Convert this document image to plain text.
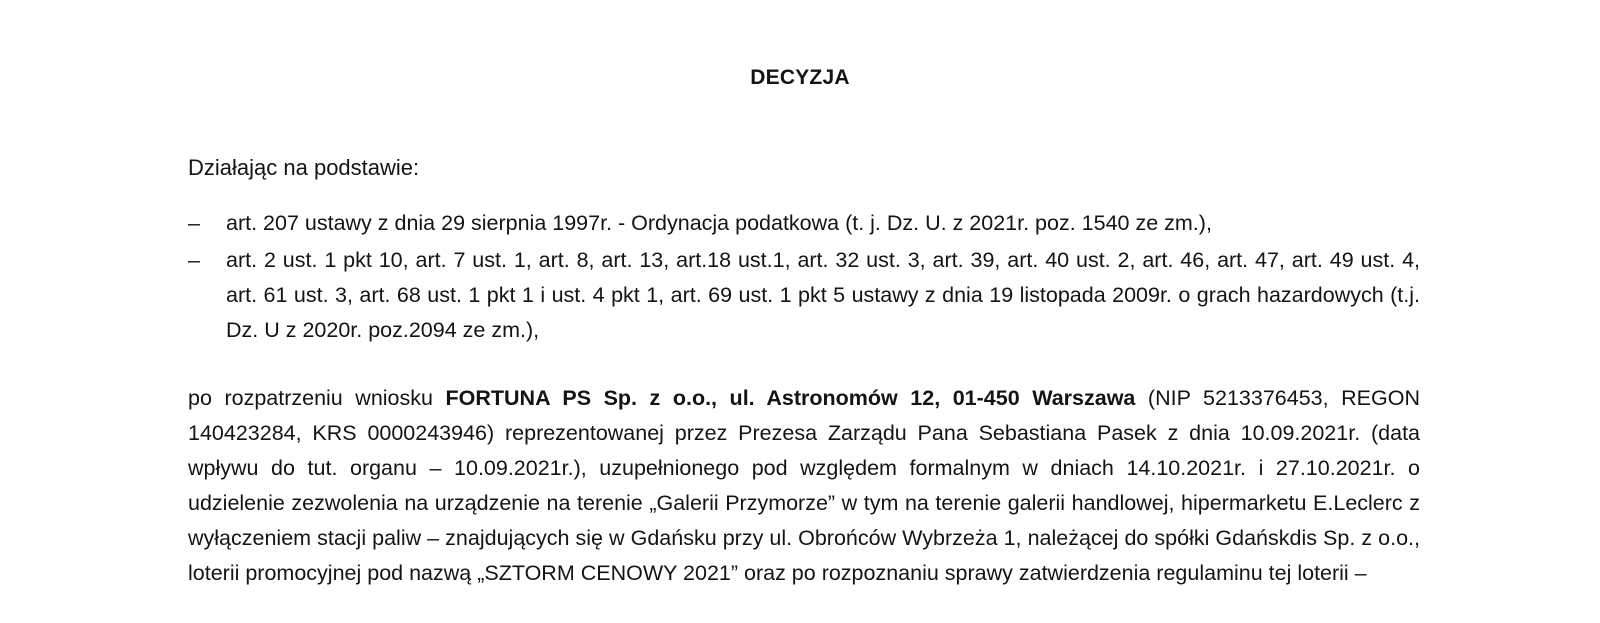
DECYZJA
Działając na podstawie:
– art. 207 ustawy z dnia 29 sierpnia 1997r. - Ordynacja podatkowa (t. j. Dz. U. z 2021r. poz. 1540 ze zm.),
– art. 2 ust. 1 pkt 10, art. 7 ust. 1, art. 8, art. 13, art.18 ust.1, art. 32 ust. 3, art. 39, art. 40 ust. 2, art. 46, art. 47, art. 49 ust. 4, art. 61 ust. 3, art. 68 ust. 1 pkt 1 i ust. 4 pkt 1, art. 69 ust. 1 pkt 5 ustawy z dnia 19 listopada 2009r. o grach hazardowych (t.j. Dz. U z 2020r. poz.2094 ze zm.),
po rozpatrzeniu wniosku FORTUNA PS Sp. z o.o., ul. Astronomów 12, 01-450 Warszawa (NIP 5213376453, REGON 140423284, KRS 0000243946) reprezentowanej przez Prezesa Zarządu Pana Sebastiana Pasek z dnia 10.09.2021r. (data wpływu do tut. organu – 10.09.2021r.), uzupełnionego pod względem formalnym w dniach 14.10.2021r. i 27.10.2021r. o udzielenie zezwolenia na urządzenie na terenie „Galerii Przymorze” w tym na terenie galerii handlowej, hipermarketu E.Leclerc z wyłączeniem stacji paliw – znajdujących się w Gdańsku przy ul. Obrońców Wybrzeża 1, należącej do spółki Gdańskdis Sp. z o.o., loterii promocyjnej pod nazwą „SZTORM CENOWY 2021” oraz po rozpoznaniu sprawy zatwierdzenia regulaminu tej loterii –
